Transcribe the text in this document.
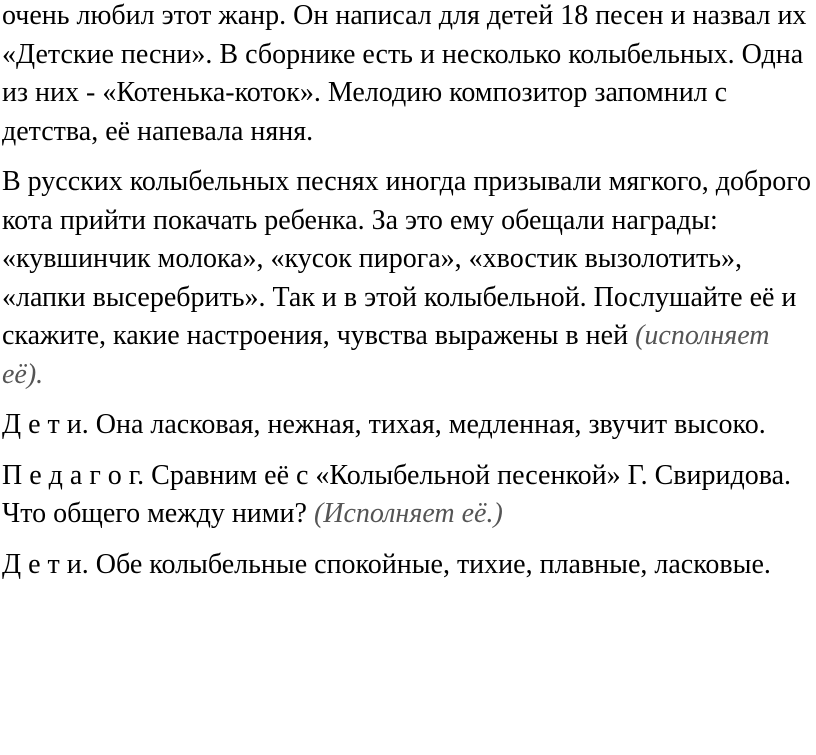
очень любил этот жанр. Он написал для детей 18 песен и назвал их «Детские песни». В сборнике есть и несколько колыбельных. Одна из них - «Котенька-коток». Мелодию композитор запомнил с детства, её напевала няня.

В русских колыбельных песнях иногда призывали мягкого, доброго кота прийти покачать ребенка. За это ему обещали награды: «кувшинчик молока», «кусок пирога», «хвостик вызолотить», «лапки высеребрить». Так и в этой колыбельной. Послушайте её и скажите, какие настроения, чувства выражены в ней (исполняет её).

Д е т и. Она ласковая, нежная, тихая, медленная, звучит высоко.

П е д а г о г. Сравним её с «Колыбельной песенкой» Г. Свиридова. Что общего между ними? (Исполняет её.)

Д е т и. Обе колыбельные спокойные, тихие, плавные, ласковые.
